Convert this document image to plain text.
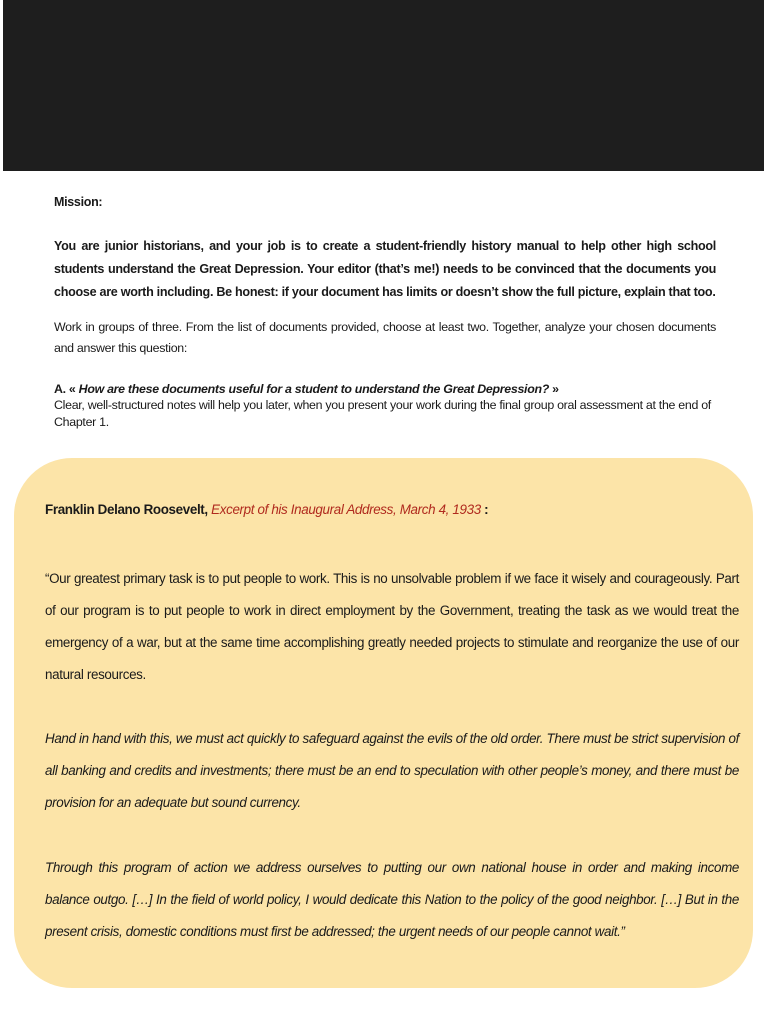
Mission:

You are junior historians, and your job is to create a student-friendly history manual to help other high school students understand the Great Depression. Your editor (that’s me!) needs to be convinced that the documents you choose are worth including. Be honest: if your document has limits or doesn’t show the full picture, explain that too.

Work in groups of three. From the list of documents provided, choose at least two. Together, analyze your chosen documents and answer this question:

A. « How are these documents useful for a student to understand the Great Depression? »

Clear, well-structured notes will help you later, when you present your work during the final group oral assessment at the end of Chapter 1.

Franklin Delano Roosevelt, Excerpt of his Inaugural Address, March 4, 1933 :

“Our greatest primary task is to put people to work. This is no unsolvable problem if we face it wisely and courageously. Part of our program is to put people to work in direct employment by the Government, treating the task as we would treat the emergency of a war, but at the same time accomplishing greatly needed projects to stimulate and reorganize the use of our natural resources.

Hand in hand with this, we must act quickly to safeguard against the evils of the old order. There must be strict supervision of all banking and credits and investments; there must be an end to speculation with other people’s money, and there must be provision for an adequate but sound currency.

Through this program of action we address ourselves to putting our own national house in order and making income balance outgo. […] In the field of world policy, I would dedicate this Nation to the policy of the good neighbor. […] But in the present crisis, domestic conditions must first be addressed; the urgent needs of our people cannot wait.”
